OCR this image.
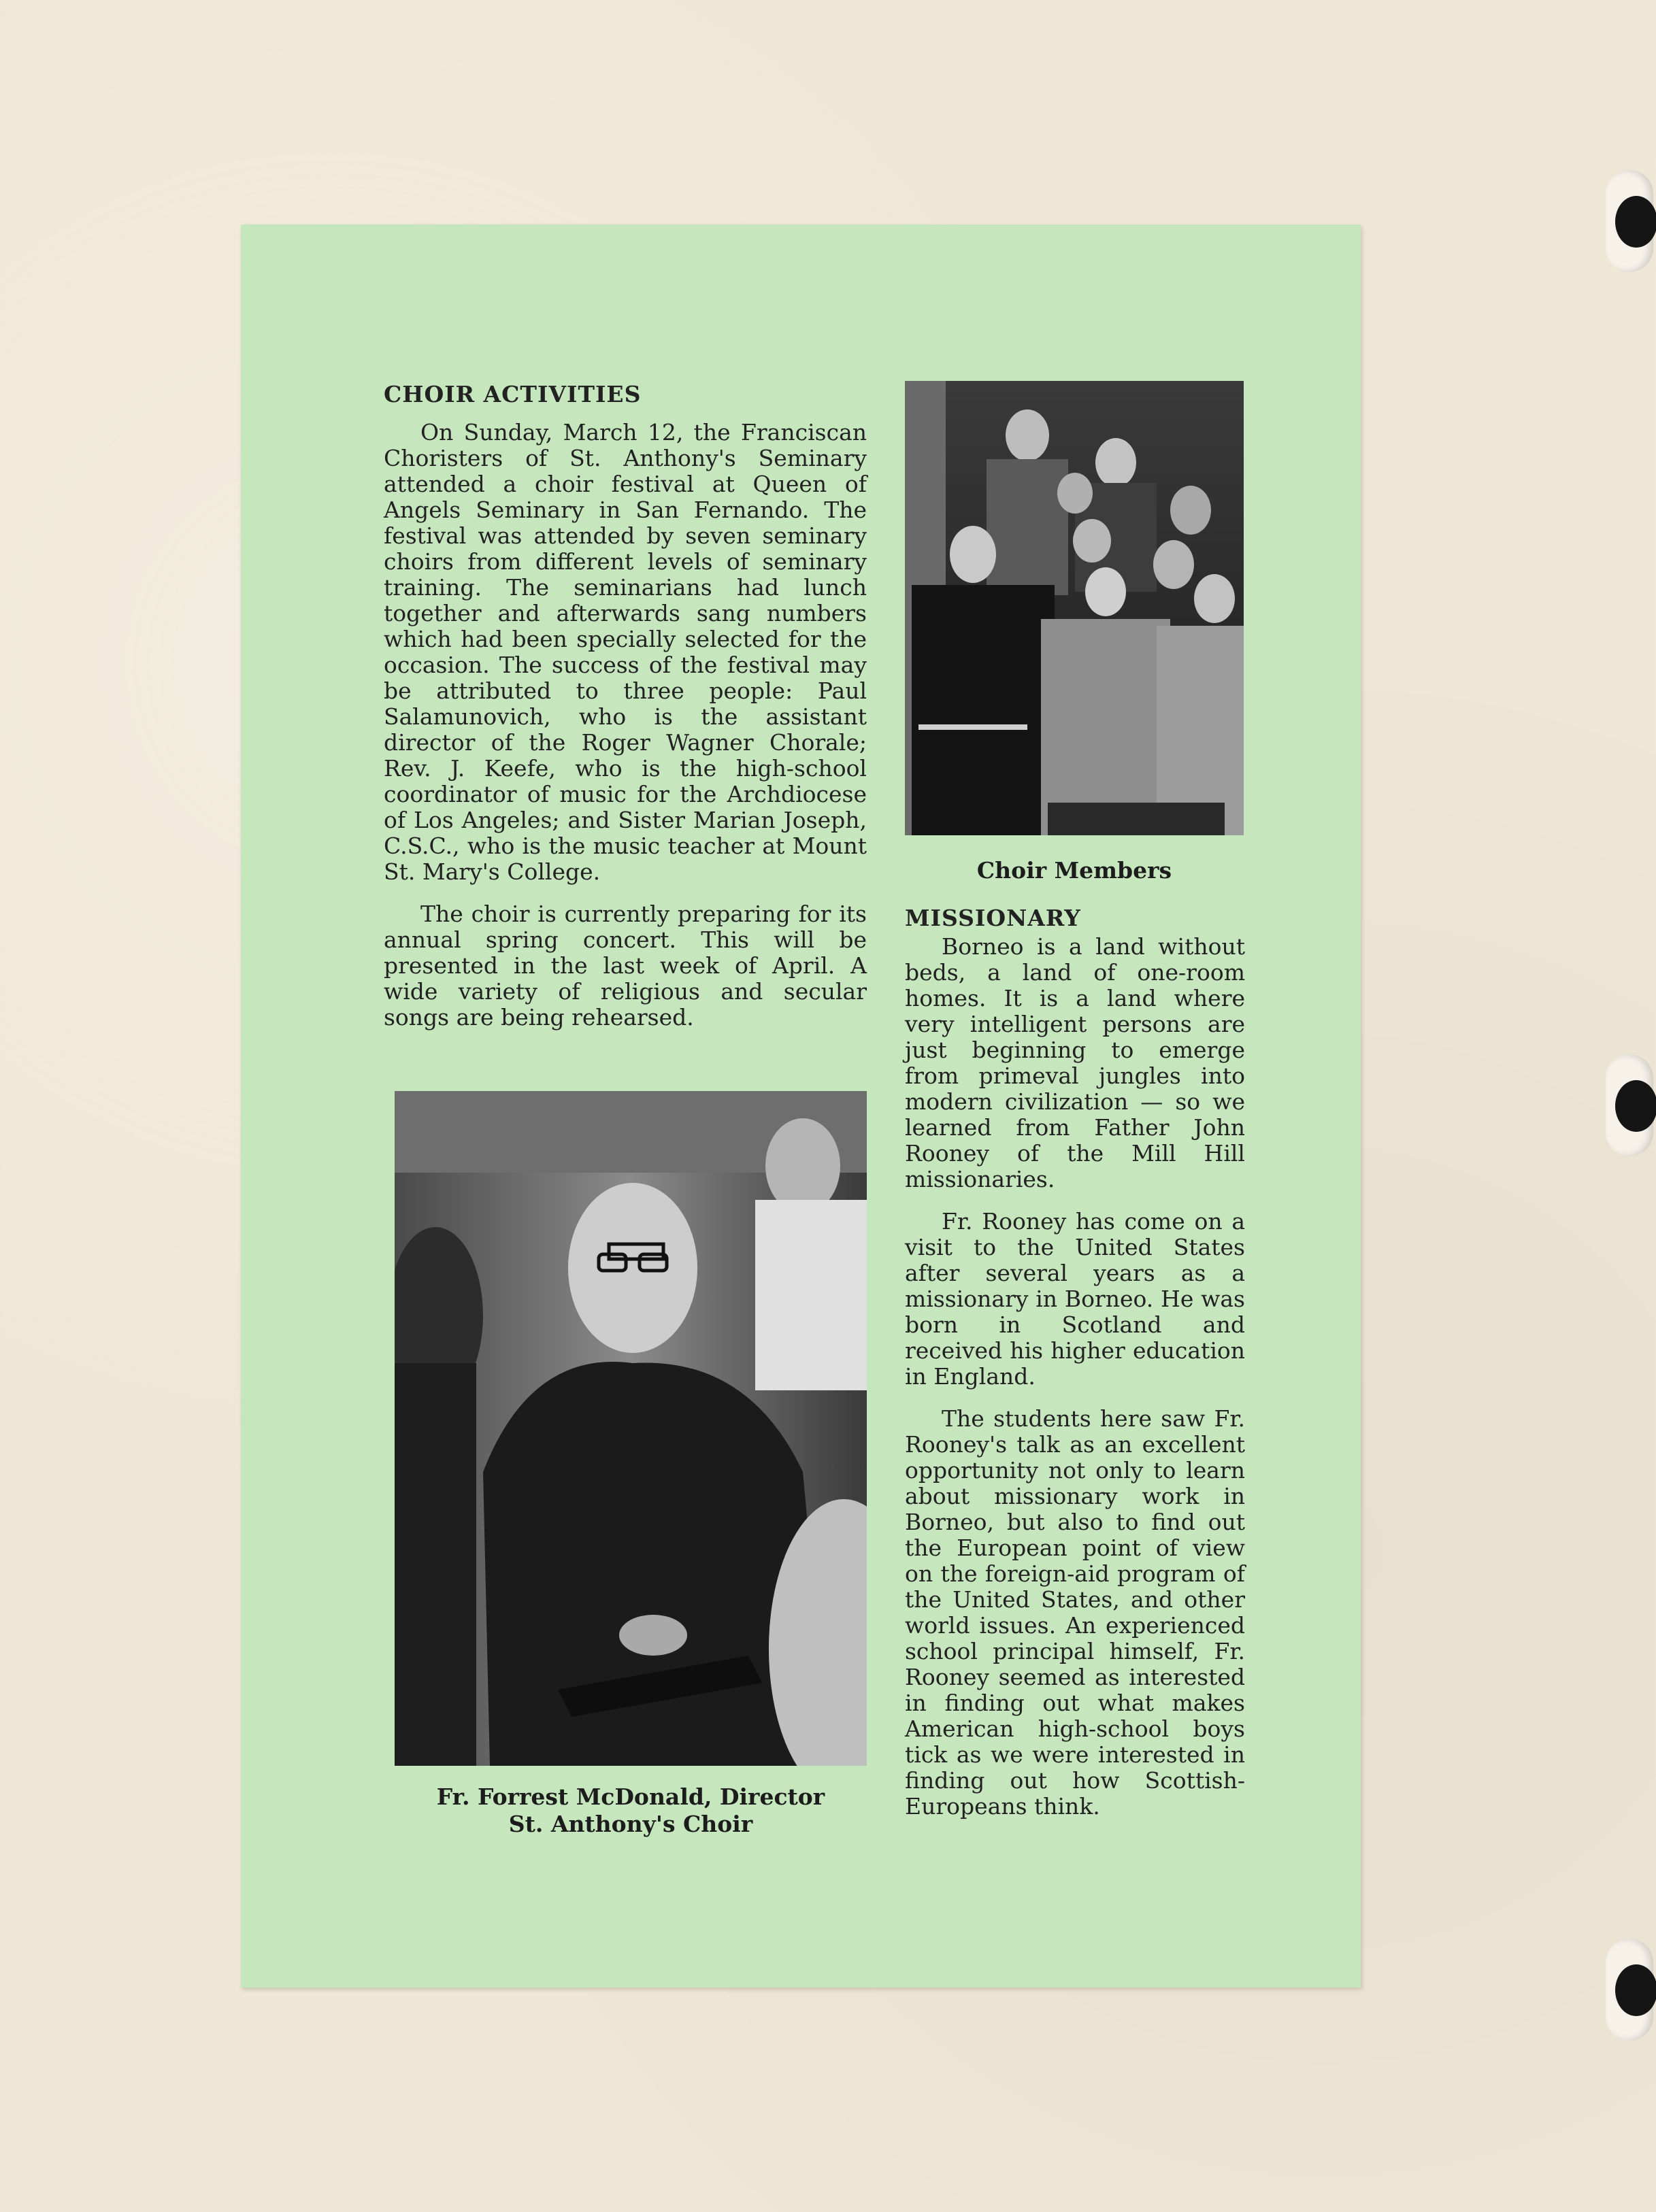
CHOIR ACTIVITIES

On Sunday, March 12, the Franciscan Choristers of St. Anthony's Seminary attended a choir festival at Queen of Angels Seminary in San Fernando. The festival was attended by seven seminary choirs from different levels of seminary training. The seminarians had lunch together and afterwards sang numbers which had been specially selected for the occasion. The success of the festival may be attributed to three people: Paul Salamunovich, who is the assistant director of the Roger Wagner Chorale; Rev. J. Keefe, who is the high-school coordinator of music for the Archdiocese of Los Angeles; and Sister Marian Joseph, C.S.C., who is the music teacher at Mount St. Mary's College.

The choir is currently preparing for its annual spring concert. This will be presented in the last week of April. A wide variety of religious and secular songs are being rehearsed.

Choir Members
MISSIONARY

Borneo is a land without beds, a land of one-room homes. It is a land where very intelligent persons are just beginning to emerge from primeval jungles into modern civilization — so we learned from Father John Rooney of the Mill Hill missionaries.

Fr. Rooney has come on a visit to the United States after several years as a missionary in Borneo. He was born in Scotland and received his higher education in England.

The students here saw Fr. Rooney's talk as an excellent opportunity not only to learn about missionary work in Borneo, but also to find out the European point of view on the foreign-aid program of the United States, and other world issues. An experienced school principal himself, Fr. Rooney seemed as interested in finding out what makes American high-school boys tick as we were interested in finding out how Scottish-Europeans think.

Fr. Forrest McDonald, Director
St. Anthony's Choir
